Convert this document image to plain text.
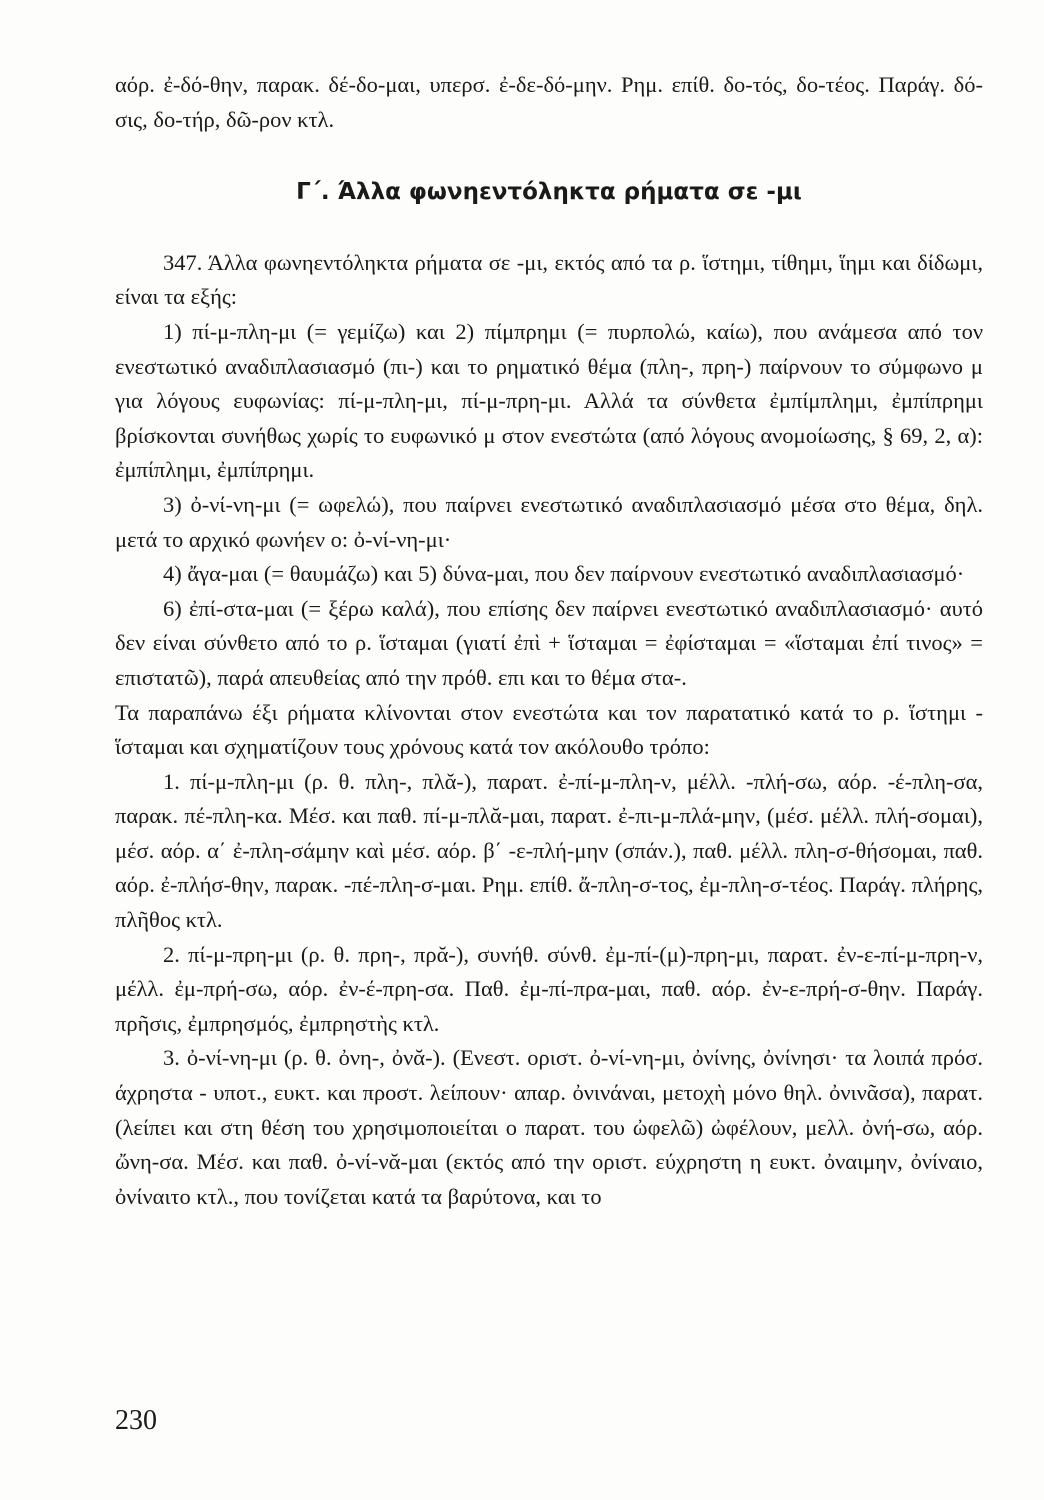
αόρ. ἐ-δό-θην, παρακ. δέ-δο-μαι, υπερσ. ἐ-δε-δό-μην. Ρημ. επίθ. δο-τός, δο-τέος. Παράγ. δό-σις, δο-τήρ, δῶ-ρον κτλ.

Γ΄. Άλλα φωνηεντόληκτα ρήματα σε -μι

347. Άλλα φωνηεντόληκτα ρήματα σε -μι, εκτός από τα ρ. ἵστημι, τίθημι, ἵημι και δίδωμι, είναι τα εξής:

1) πί-μ-πλη-μι (= γεμίζω) και 2) πίμπρημι (= πυρπολώ, καίω), που ανάμεσα από τον ενεστωτικό αναδιπλασιασμό (πι-) και το ρηματικό θέμα (πλη-, πρη-) παίρνουν το σύμφωνο μ για λόγους ευφωνίας: πί-μ-πλη-μι, πί-μ-πρη-μι. Αλλά τα σύνθετα ἐμπίμπλημι, ἐμπίπρημι βρίσκονται συνήθως χωρίς το ευφωνικό μ στον ενεστώτα (από λόγους ανομοίωσης, § 69, 2, α): ἐμπίπλημι, ἐμπίπρημι.

3) ὀ-νί-νη-μι (= ωφελώ), που παίρνει ενεστωτικό αναδιπλασιασμό μέσα στο θέμα, δηλ. μετά το αρχικό φωνήεν ο: ὀ-νί-νη-μι·

4) ἄγα-μαι (= θαυμάζω) και 5) δύνα-μαι, που δεν παίρνουν ενεστωτικό αναδιπλασιασμό·

6) ἐπί-στα-μαι (= ξέρω καλά), που επίσης δεν παίρνει ενεστωτικό αναδιπλασιασμό· αυτό δεν είναι σύνθετο από το ρ. ἵσταμαι (γιατί ἐπὶ + ἵσταμαι = ἐφίσταμαι = «ἵσταμαι ἐπί τινος» = επιστατῶ), παρά απευθείας από την πρόθ. επι και το θέμα στα-.

Τα παραπάνω έξι ρήματα κλίνονται στον ενεστώτα και τον παρατατικό κατά το ρ. ἵστημι - ἵσταμαι και σχηματίζουν τους χρόνους κατά τον ακόλουθο τρόπο:

1. πί-μ-πλη-μι (ρ. θ. πλη-, πλᾰ-), παρατ. ἐ-πί-μ-πλη-ν, μέλλ. -πλή-σω, αόρ. -έ-πλη-σα, παρακ. πέ-πλη-κα. Μέσ. και παθ. πί-μ-πλᾰ-μαι, παρατ. ἐ-πι-μ-πλά-μην, (μέσ. μέλλ. πλή-σομαι), μέσ. αόρ. α΄ ἐ-πλη-σάμην καὶ μέσ. αόρ. β΄ -ε-πλή-μην (σπάν.), παθ. μέλλ. πλη-σ-θήσομαι, παθ. αόρ. ἐ-πλήσ-θην, παρακ. -πέ-πλη-σ-μαι. Ρημ. επίθ. ἄ-πλη-σ-τος, ἐμ-πλη-σ-τέος. Παράγ. πλήρης, πλῆθος κτλ.

2. πί-μ-πρη-μι (ρ. θ. πρη-, πρᾰ-), συνήθ. σύνθ. ἐμ-πί-(μ)-πρη-μι, παρατ. ἐν-ε-πί-μ-πρη-ν, μέλλ. ἐμ-πρή-σω, αόρ. ἐν-έ-πρη-σα. Παθ. ἐμ-πί-πρα-μαι, παθ. αόρ. ἐν-ε-πρή-σ-θην. Παράγ. πρῆσις, ἐμπρησμός, ἐμπρηστὴς κτλ.

3. ὀ-νί-νη-μι (ρ. θ. ὀνη-, ὀνᾰ-). (Ενεστ. οριστ. ὀ-νί-νη-μι, ὀνίνης, ὀνίνησι· τα λοιπά πρόσ. άχρηστα - υποτ., ευκτ. και προστ. λείπουν· απαρ. ὀνινάναι, μετοχὴ μόνο θηλ. ὀνινᾶσα), παρατ. (λείπει και στη θέση του χρησιμοποιείται ο παρατ. του ὠφελῶ) ὠφέλουν, μελλ. ὀνή-σω, αόρ. ὤνη-σα. Μέσ. και παθ. ὀ-νί-νᾰ-μαι (εκτός από την οριστ. εύχρηστη η ευκτ. ὀναιμην, ὀνίναιο, ὀνίναιτο κτλ., που τονίζεται κατά τα βαρύτονα, και το

230
